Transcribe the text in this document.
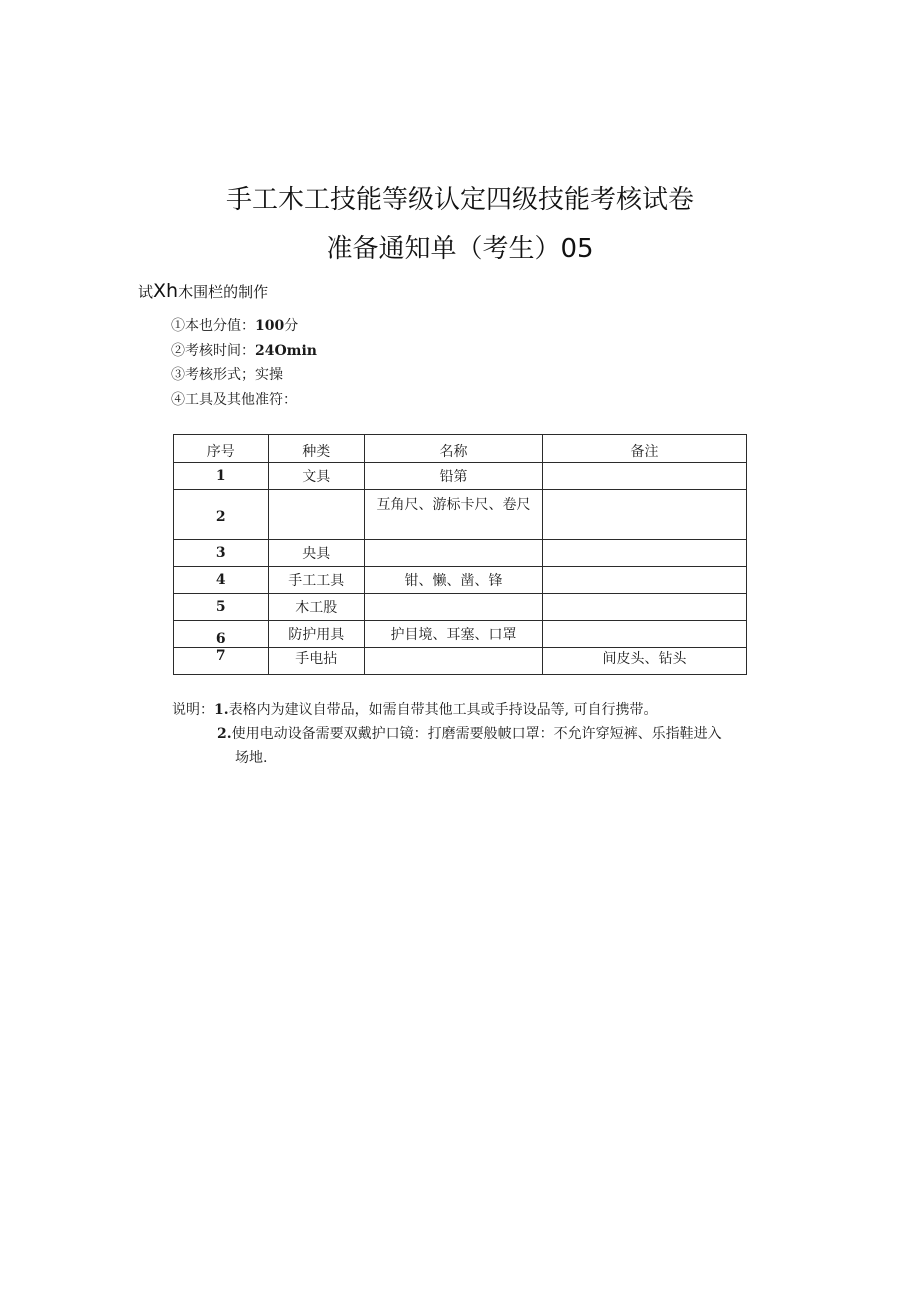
手工木工技能等级认定四级技能考核试卷
准备通知单（考生）05
试Xh木围栏的制作
①本也分值：100分
②考核时间：24Omin
③考核形式；实操
④工具及其他准符：
序号	种类	名称	备注
1	文具	铅第	
2		互角尺、游标卡尺、卷尺	
3	央具		
4	手工工具	钳、懒、凿、锋	
5	木工股		
6	防护用具	护目境、耳塞、口罩	
7	手电拈		间皮头、钻头
说明：1.表格内为建议自带品，如需自带其他工具或手持设品等, 可自行携带。
2.使用电动设备需要双戴护口镜：打磨需要般帔口罩：不允许穿短裤、乐指鞋进入
场地.
